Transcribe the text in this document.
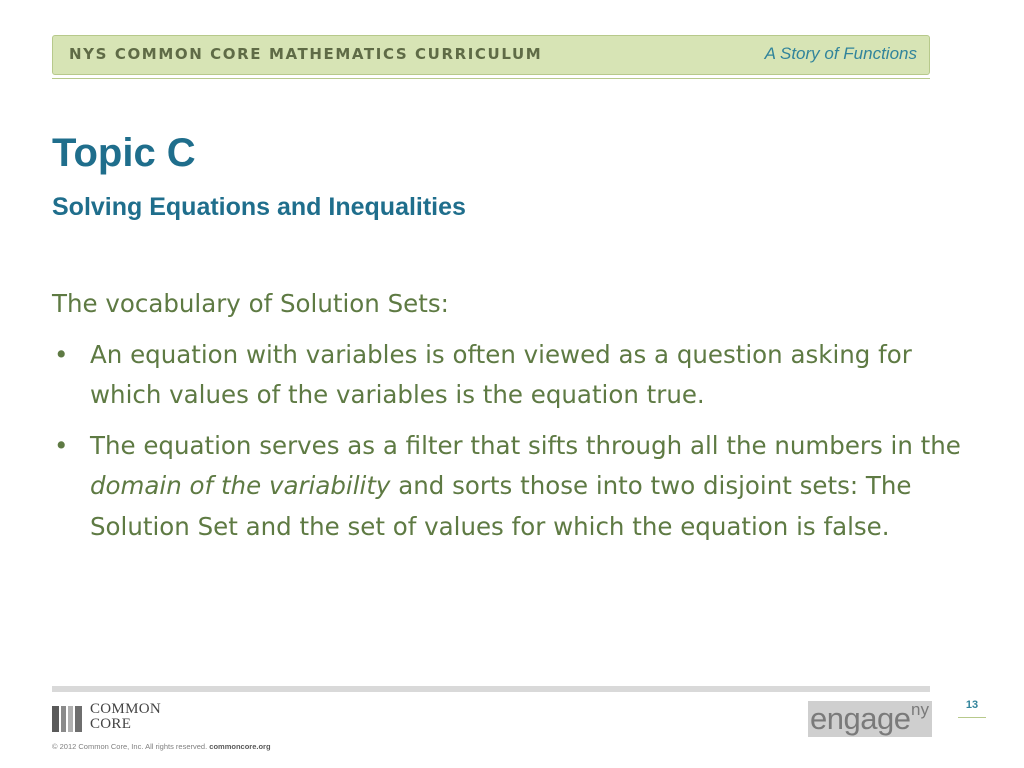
NYS COMMON CORE MATHEMATICS CURRICULUM	A Story of Functions
Topic C
Solving Equations and Inequalities

The vocabulary of Solution Sets:

• An equation with variables is often viewed as a question asking for which values of the variables is the equation true.
• The equation serves as a filter that sifts through all the numbers in the domain of the variability and sorts those into two disjoint sets: The Solution Set and the set of values for which the equation is false.
COMMON
CORE
© 2012 Common Core, Inc. All rights reserved. commoncore.org
engage ny	13
